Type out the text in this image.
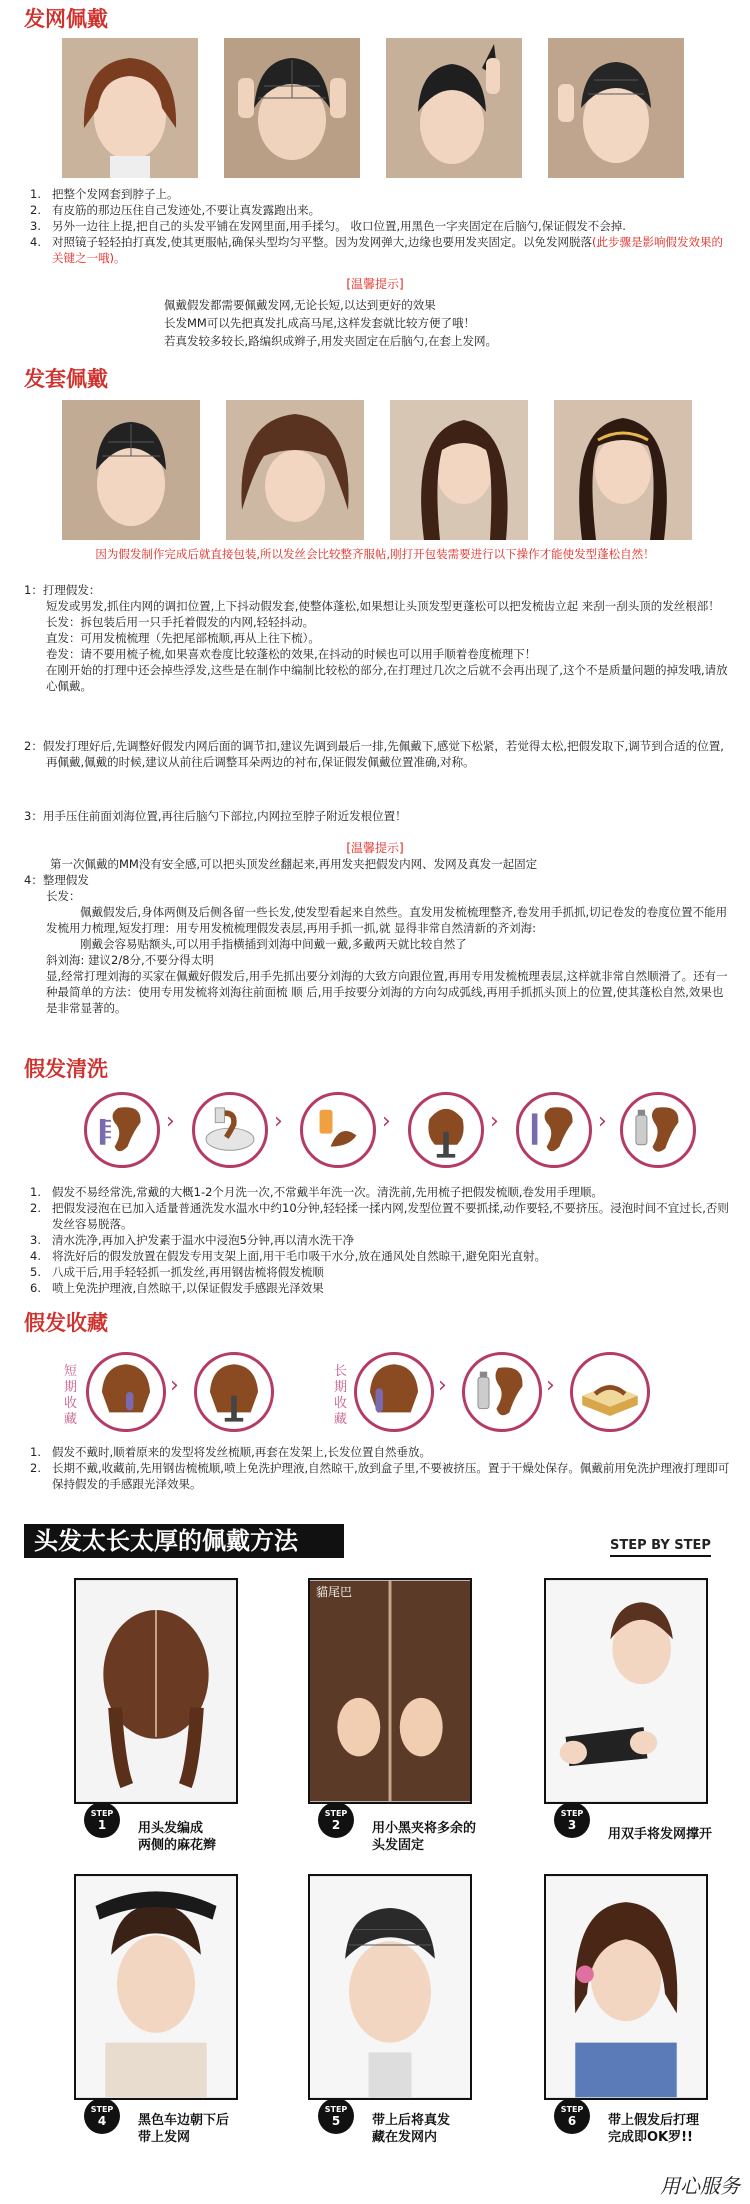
发网佩戴
1. 把整个发网套到脖子上。
2. 有皮筋的那边压住自己发迹处,不要让真发露跑出来。
3. 另外一边往上提,把自己的头发平铺在发网里面,用手揉匀。 收口位置,用黑色一字夹固定在后脑勺,保证假发不会掉.
4. 对照镜子轻轻拍打真发,使其更服帖,确保头型均匀平整。因为发网弹大,边缘也要用发夹固定。以免发网脱落(此步骤是影响假发效果的关键之一哦)。
[温馨提示]
佩戴假发都需要佩戴发网,无论长短,以达到更好的效果
长发MM可以先把真发扎成高马尾,这样发套就比较方便了哦！
若真发较多较长,路编织成辫子,用发夹固定在后脑勺,在套上发网。
发套佩戴
因为假发制作完成后就直接包装,所以发丝会比较整齐服帖,刚打开包装需要进行以下操作才能使发型蓬松自然！
1：打理假发：
短发或男发,抓住内网的调扣位置,上下抖动假发套,使整体蓬松,如果想让头顶发型更蓬松可以把发梳齿立起 来刮一刮头顶的发丝根部！
长发：拆包装后用一只手托着假发的内网,轻轻抖动。
直发：可用发梳梳理（先把尾部梳顺,再从上往下梳）。
卷发：请不要用梳子梳,如果喜欢卷度比较蓬松的效果,在抖动的时候也可以用手顺着卷度梳理下！
在刚开始的打理中还会掉些浮发,这些是在制作中编制比较松的部分,在打理过几次之后就不会再出现了,这个不是质量问题的掉发哦,请放心佩戴。
2：假发打理好后,先调整好假发内网后面的调节扣,建议先调到最后一排,先佩戴下,感觉下松紧，若觉得太松,把假发取下,调节到合适的位置,再佩戴,佩戴的时候,建议从前往后调整耳朵两边的衬布,保证假发佩戴位置准确,对称。
3：用手压住前面刘海位置,再往后脑勺下部拉,内网拉至脖子附近发根位置！
[温馨提示]
第一次佩戴的MM没有安全感,可以把头顶发丝翻起来,再用发夹把假发内网、发网及真发一起固定
4：整理假发
长发：
佩戴假发后,身体两侧及后侧各留一些长发,使发型看起来自然些。直发用发梳梳理整齐,卷发用手抓抓,切记卷发的卷度位置不能用发梳用力梳理,短发打理：用专用发梳梳理假发表层,再用手抓一抓,就 显得非常自然清新的齐刘海:
刚戴会容易贴额头,可以用手指横插到刘海中间戴一戴,多戴两天就比较自然了
斜刘海: 建议2/8分,不要分得太明
显,经常打理刘海的买家在佩戴好假发后,用手先抓出要分刘海的大致方向跟位置,再用专用发梳梳理表层,这样就非常自然顺滑了。还有一种最简单的方法：使用专用发梳将刘海往前面梳 顺 后,用手按要分刘海的方向勾成弧线,再用手抓抓头顶上的位置,使其蓬松自然,效果也是非常显著的。
假发清洗
›	›	›	›	›
1. 假发不易经常洗,常戴的大概1-2个月洗一次,不常戴半年洗一次。清洗前,先用梳子把假发梳顺,卷发用手理顺。
2. 把假发浸泡在已加入适量普通洗发水温水中约10分钟,轻轻揉一揉内网,发型位置不要抓揉,动作要轻,不要挤压。浸泡时间不宜过长,否则发丝容易脱落。
3. 清水洗净,再加入护发素于温水中浸泡5分钟,再以清水洗干净
4. 将洗好后的假发放置在假发专用支架上面,用干毛巾吸干水分,放在通风处自然晾干,避免阳光直射。
5. 八成干后,用手轻轻抓一抓发丝,再用钢齿梳将假发梳顺
6. 喷上免洗护理液,自然晾干,以保证假发手感跟光泽效果
假发收藏
短期收藏
›
长期收藏
›	›
1. 假发不戴时,顺着原来的发型将发丝梳顺,再套在发架上,长发位置自然垂放。
2. 长期不戴,收藏前,先用钢齿梳梳顺,喷上免洗护理液,自然晾干,放到盒子里,不要被挤压。置于干燥处保存。佩戴前用免洗护理液打理即可保持假发的手感跟光泽效果。
头发太长太厚的佩戴方法	STEP BY STEP
貓尾巴
STEP
1	用头发编成
两侧的麻花辫
STEP
2	用小黑夹将多余的
头发固定
STEP
3
用双手将发网撑开
STEP
4	黑色车边朝下后
带上发网
STEP
5	带上后将真发
藏在发网内
STEP
6	带上假发后打理
完成即OK罗!!
用心服务
